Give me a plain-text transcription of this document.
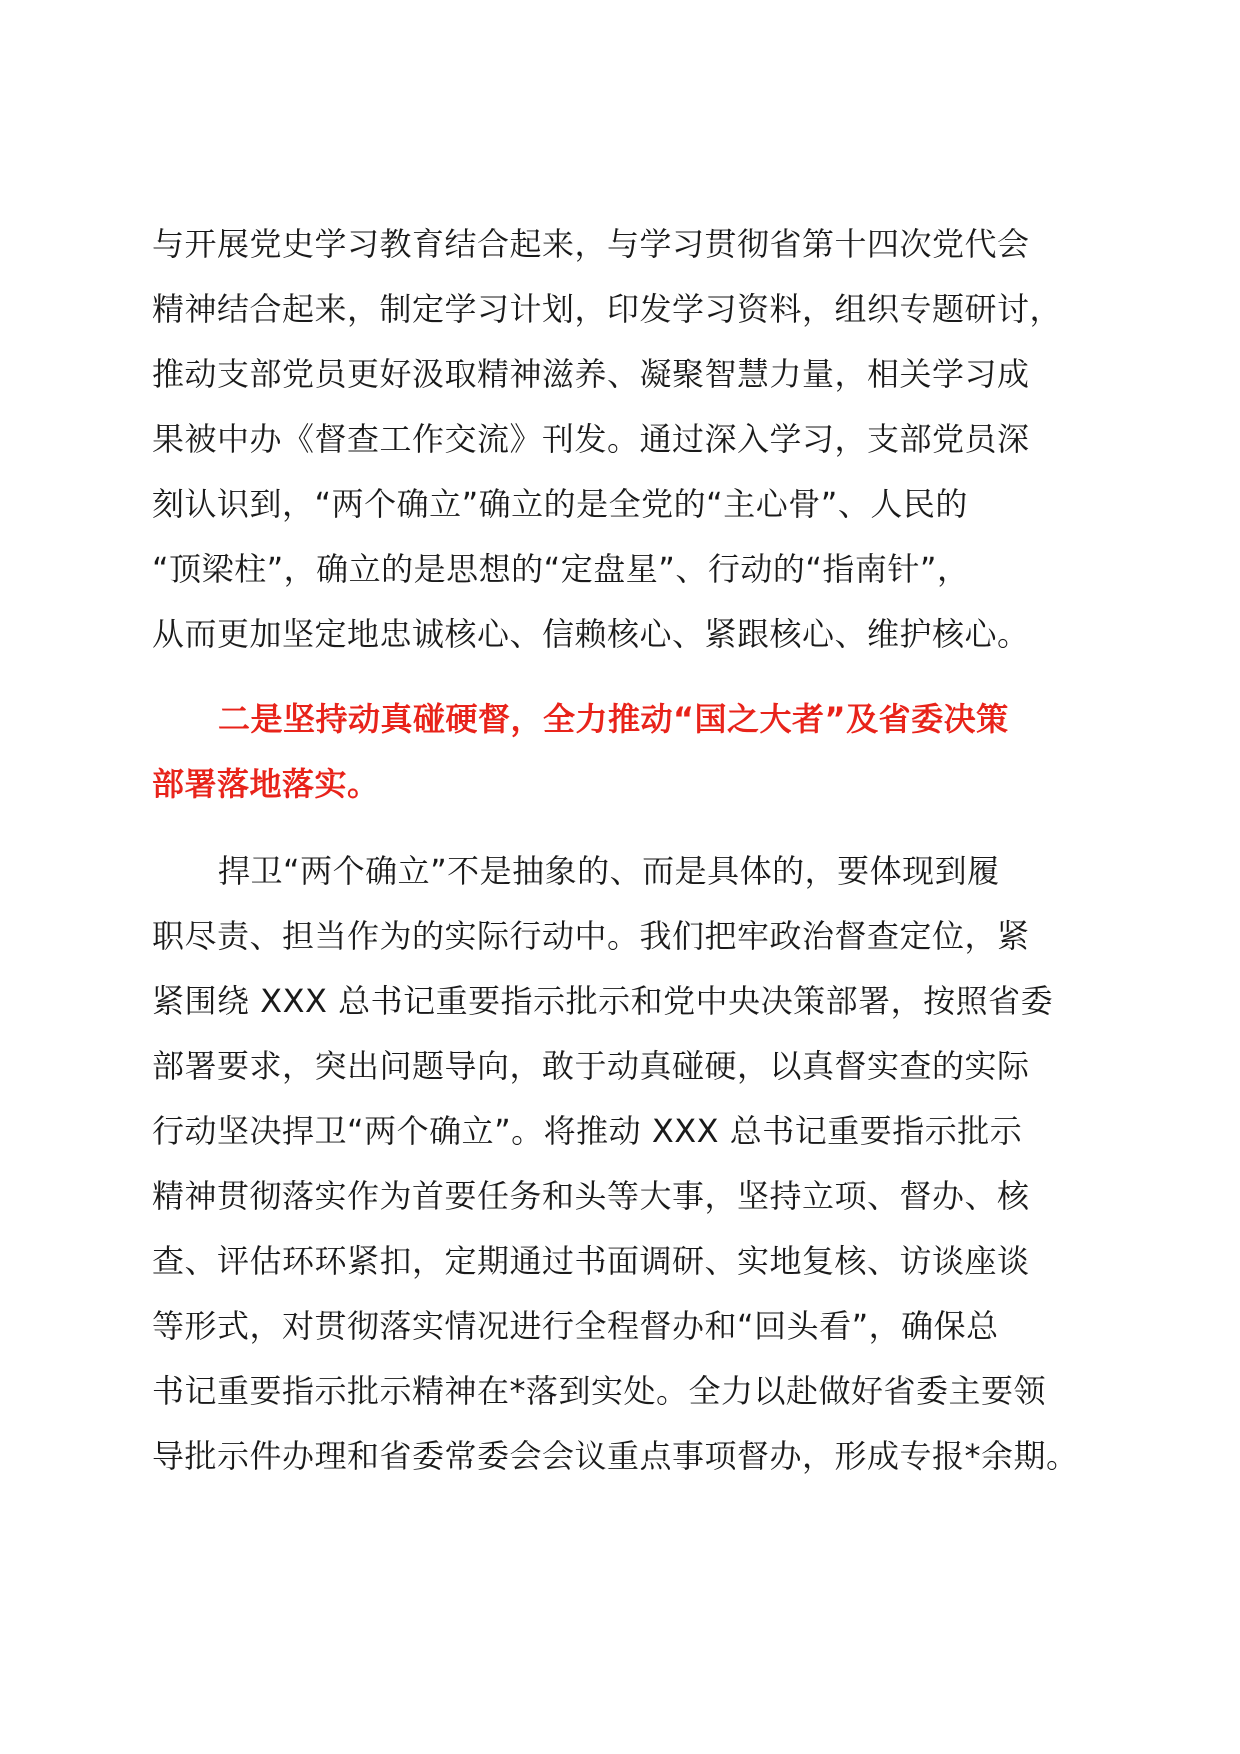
与开展党史学习教育结合起来，与学习贯彻省第十四次党代会
精神结合起来，制定学习计划，印发学习资料，组织专题研讨，
推动支部党员更好汲取精神滋养、凝聚智慧力量，相关学习成
果被中办《督查工作交流》刊发。通过深入学习，支部党员深
刻认识到，“两个确立”确立的是全党的“主心骨”、人民的
“顶梁柱”，确立的是思想的“定盘星”、行动的“指南针”，
从而更加坚定地忠诚核心、信赖核心、紧跟核心、维护核心。
二是坚持动真碰硬督，全力推动“国之大者”及省委决策
部署落地落实。
捍卫“两个确立”不是抽象的、而是具体的，要体现到履
职尽责、担当作为的实际行动中。我们把牢政治督查定位，紧
紧围绕 XXX 总书记重要指示批示和党中央决策部署，按照省委
部署要求，突出问题导向，敢于动真碰硬，以真督实查的实际
行动坚决捍卫“两个确立”。将推动 XXX 总书记重要指示批示
精神贯彻落实作为首要任务和头等大事，坚持立项、督办、核
查、评估环环紧扣，定期通过书面调研、实地复核、访谈座谈
等形式，对贯彻落实情况进行全程督办和“回头看”，确保总
书记重要指示批示精神在*落到实处。全力以赴做好省委主要领
导批示件办理和省委常委会会议重点事项督办，形成专报*余期。
